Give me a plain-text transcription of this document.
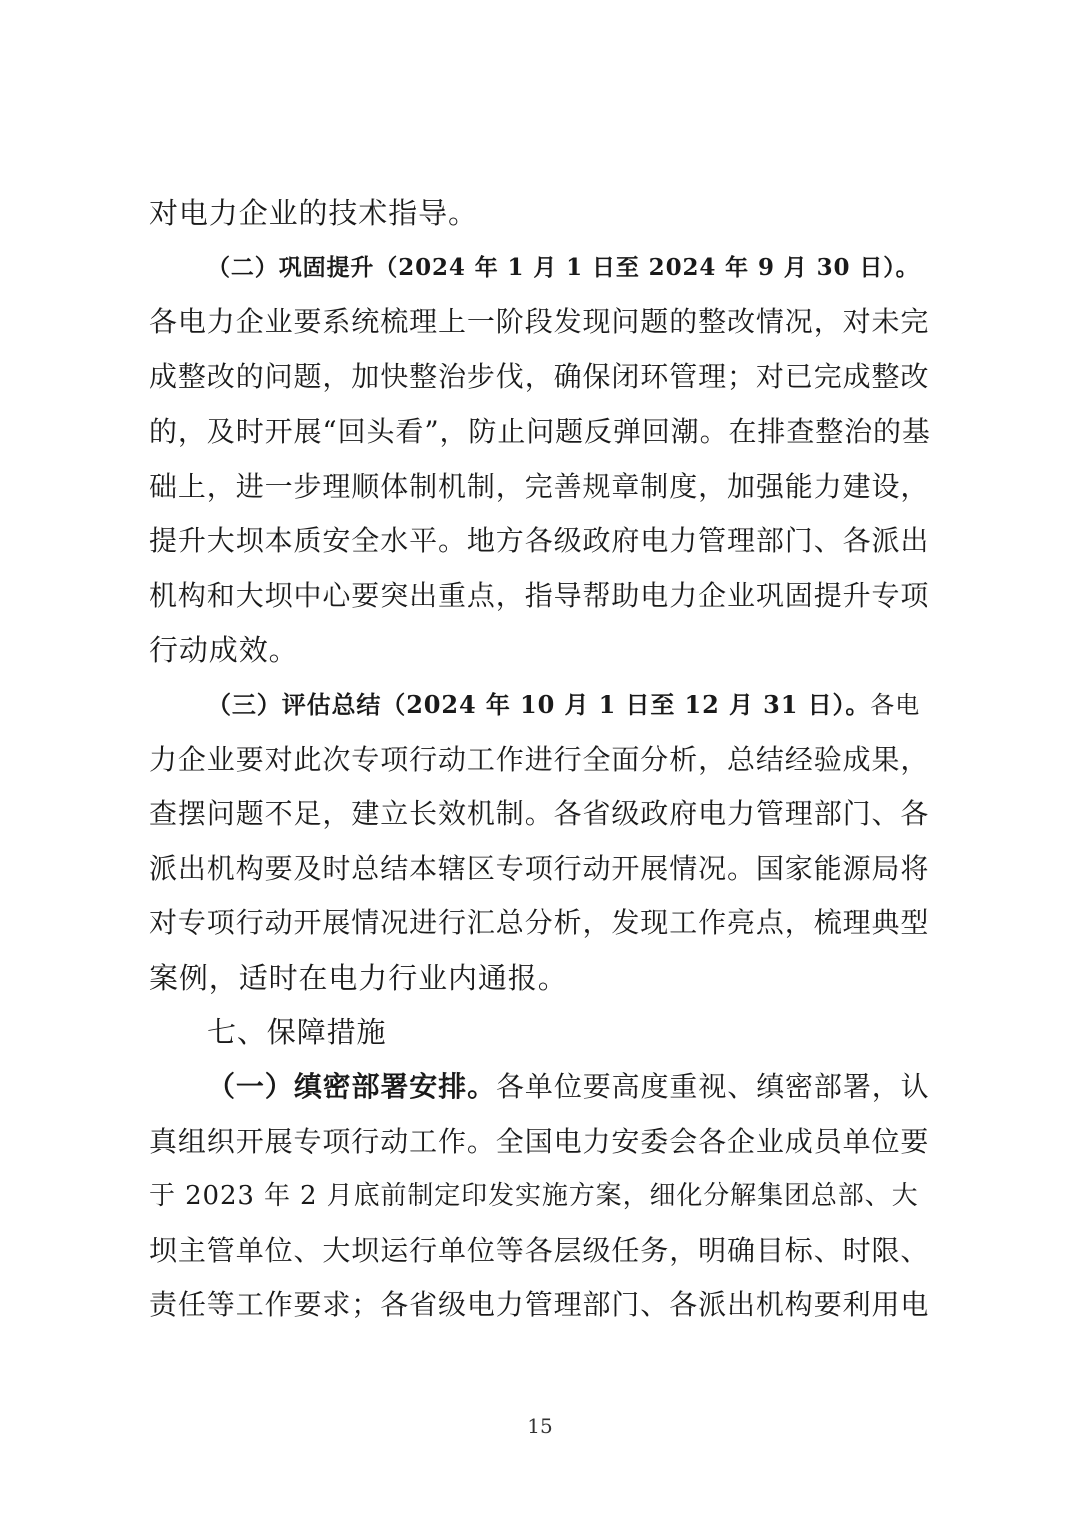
对电力企业的技术指导。
（二）巩固提升（2024 年 1 月 1 日至 2024 年 9 月 30 日）。
各电力企业要系统梳理上一阶段发现问题的整改情况，对未完
成整改的问题，加快整治步伐，确保闭环管理；对已完成整改
的，及时开展“回头看”，防止问题反弹回潮。在排查整治的基
础上，进一步理顺体制机制，完善规章制度，加强能力建设，
提升大坝本质安全水平。地方各级政府电力管理部门、各派出
机构和大坝中心要突出重点，指导帮助电力企业巩固提升专项
行动成效。
（三）评估总结（2024 年 10 月 1 日至 12 月 31 日）。各电
力企业要对此次专项行动工作进行全面分析，总结经验成果，
查摆问题不足，建立长效机制。各省级政府电力管理部门、各
派出机构要及时总结本辖区专项行动开展情况。国家能源局将
对专项行动开展情况进行汇总分析，发现工作亮点，梳理典型
案例，适时在电力行业内通报。
七、保障措施
（一）缜密部署安排。各单位要高度重视、缜密部署，认
真组织开展专项行动工作。全国电力安委会各企业成员单位要
于 2023 年 2 月底前制定印发实施方案，细化分解集团总部、大
坝主管单位、大坝运行单位等各层级任务，明确目标、时限、
责任等工作要求；各省级电力管理部门、各派出机构要利用电
15
